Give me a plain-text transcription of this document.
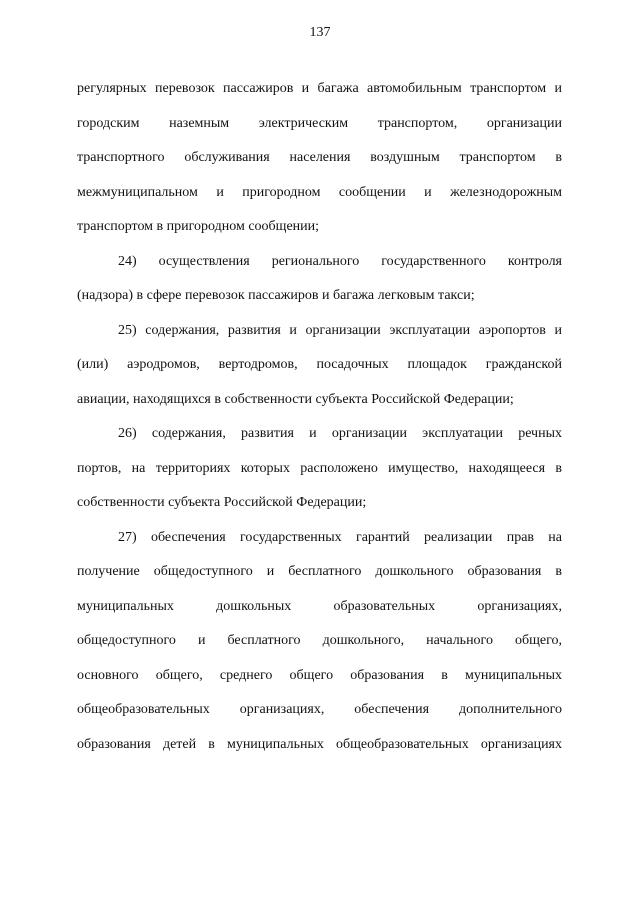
137
регулярных перевозок пассажиров и багажа автомобильным транспортом и
городским наземным электрическим транспортом, организации
транспортного обслуживания населения воздушным транспортом в
межмуниципальном и пригородном сообщении и железнодорожным
транспортом в пригородном сообщении;
24) осуществления регионального государственного контроля
(надзора) в сфере перевозок пассажиров и багажа легковым такси;
25) содержания, развития и организации эксплуатации аэропортов и
(или) аэродромов, вертодромов, посадочных площадок гражданской
авиации, находящихся в собственности субъекта Российской Федерации;
26) содержания, развития и организации эксплуатации речных
портов, на территориях которых расположено имущество, находящееся в
собственности субъекта Российской Федерации;
27) обеспечения государственных гарантий реализации прав на
получение общедоступного и бесплатного дошкольного образования в
муниципальных дошкольных образовательных организациях,
общедоступного и бесплатного дошкольного, начального общего,
основного общего, среднего общего образования в муниципальных
общеобразовательных организациях, обеспечения дополнительного
образования детей в муниципальных общеобразовательных организациях
